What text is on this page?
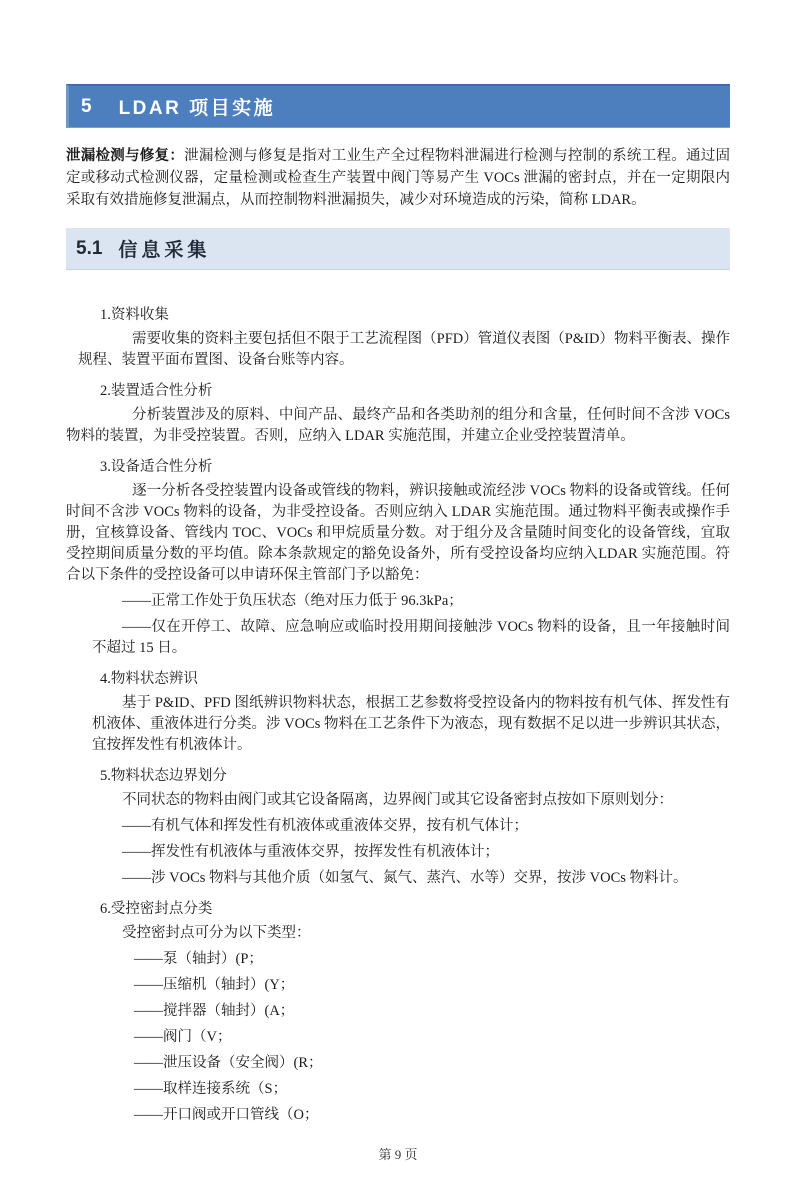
5 LDAR 项目实施

泄漏检测与修复：泄漏检测与修复是指对工业生产全过程物料泄漏进行检测与控制的系统工程。通过固定或移动式检测仪器，定量检测或检查生产装置中阀门等易产生 VOCs 泄漏的密封点，并在一定期限内采取有效措施修复泄漏点，从而控制物料泄漏损失，减少对环境造成的污染，简称 LDAR。

5.1 信息采集

1.资料收集

需要收集的资料主要包括但不限于工艺流程图（PFD）管道仪表图（P&ID）物料平衡表、操作规程、装置平面布置图、设备台账等内容。

2.装置适合性分析

分析装置涉及的原料、中间产品、最终产品和各类助剂的组分和含量，任何时间不含涉 VOCs 物料的装置，为非受控装置。否则，应纳入 LDAR 实施范围，并建立企业受控装置清单。

3.设备适合性分析

逐一分析各受控装置内设备或管线的物料，辨识接触或流经涉 VOCs 物料的设备或管线。任何时间不含涉 VOCs 物料的设备，为非受控设备。否则应纳入 LDAR 实施范围。通过物料平衡表或操作手册，宜核算设备、管线内 TOC、VOCs 和甲烷质量分数。对于组分及含量随时间变化的设备管线，宜取受控期间质量分数的平均值。除本条款规定的豁免设备外，所有受控设备均应纳入LDAR 实施范围。符合以下条件的受控设备可以申请环保主管部门予以豁免：

——正常工作处于负压状态（绝对压力低于 96.3kPa；

——仅在开停工、故障、应急响应或临时投用期间接触涉 VOCs 物料的设备，且一年接触时间不超过 15 日。

4.物料状态辨识

基于 P&ID、PFD 图纸辨识物料状态，根据工艺参数将受控设备内的物料按有机气体、挥发性有机液体、重液体进行分类。涉 VOCs 物料在工艺条件下为液态，现有数据不足以进一步辨识其状态， 宜按挥发性有机液体计。

5.物料状态边界划分

不同状态的物料由阀门或其它设备隔离，边界阀门或其它设备密封点按如下原则划分：

——有机气体和挥发性有机液体或重液体交界，按有机气体计；

——挥发性有机液体与重液体交界，按挥发性有机液体计；

——涉 VOCs 物料与其他介质（如氢气、氮气、蒸汽、水等）交界，按涉 VOCs 物料计。

6.受控密封点分类

受控密封点可分为以下类型：

——泵（轴封）(P；

——压缩机（轴封）(Y；

——搅拌器（轴封）(A；

——阀门（V；

——泄压设备（安全阀）(R；

——取样连接系统（S；

——开口阀或开口管线（O；

第 9 页
